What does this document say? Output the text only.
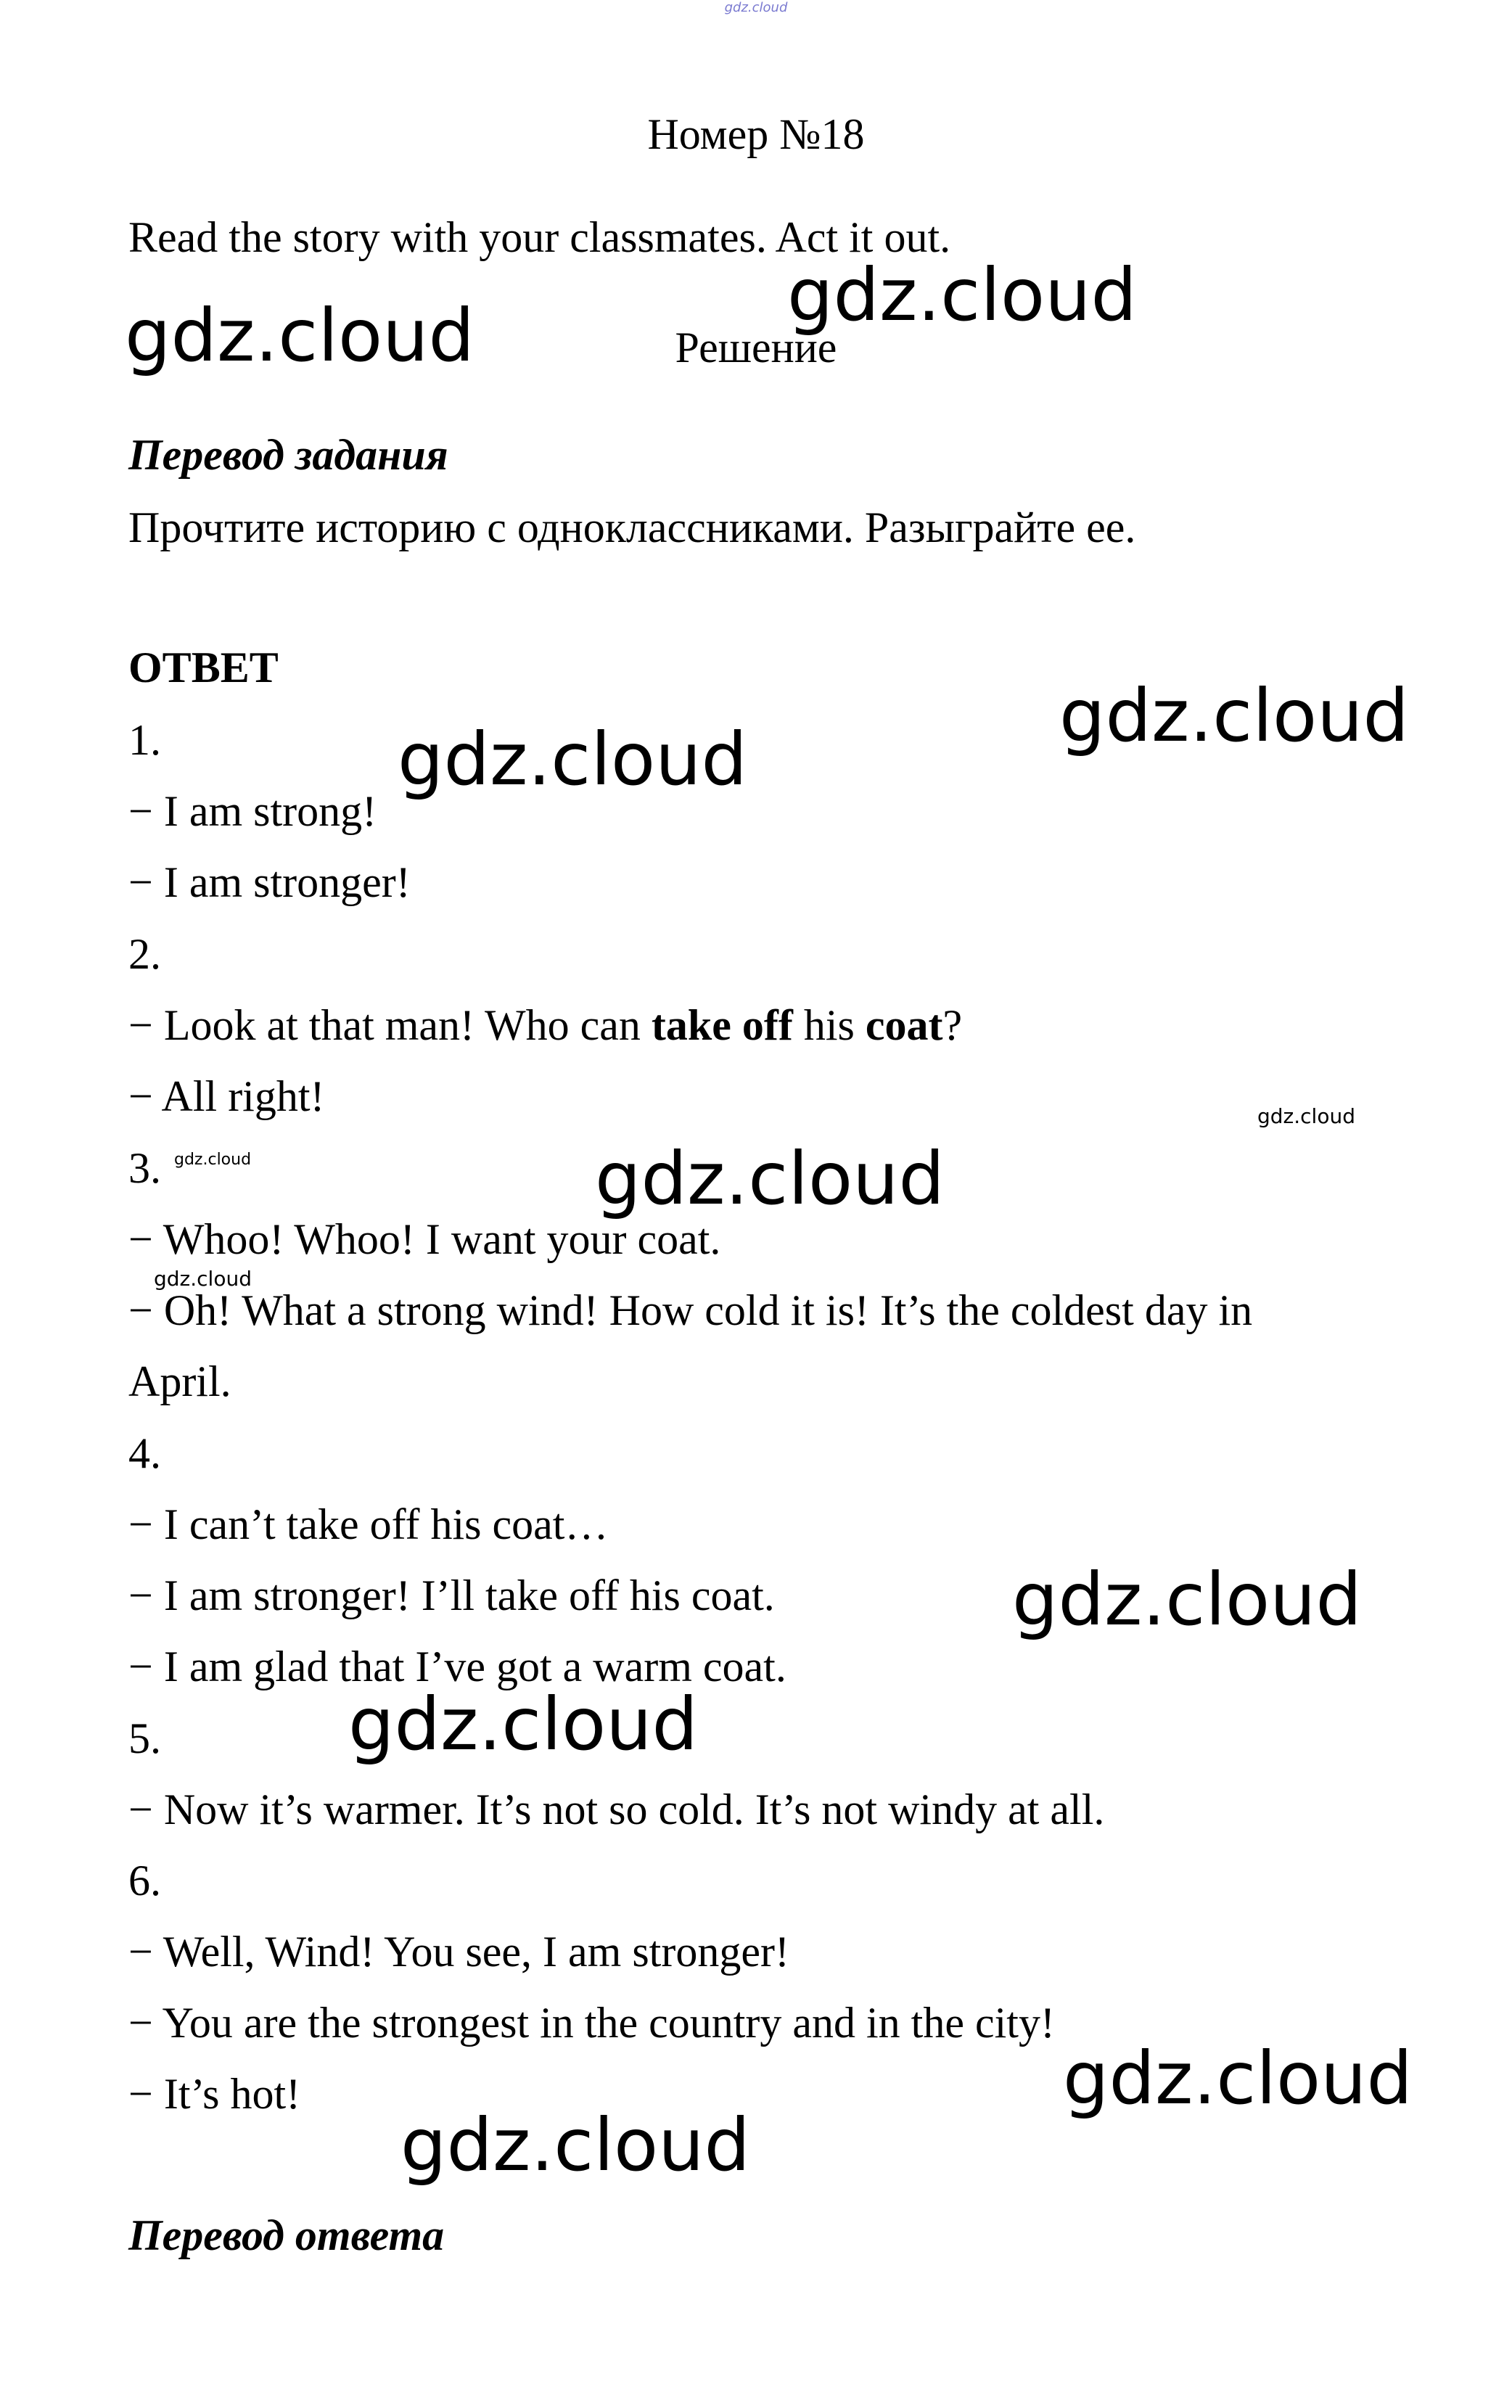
gdz.cloud

Номер №18

Read the story with your classmates. Act it out.

Решение

Перевод задания

Прочтите историю с одноклассниками. Разыграйте ее.

ОТВЕТ

1.

− I am strong!

− I am stronger!

2.

− Look at that man! Who can take off his coat?

− All right!

3.

− Whoo! Whoo! I want your coat.

− Oh! What a strong wind! How cold it is! It’s the coldest day in

April.

4.

− I can’t take off his coat…

− I am stronger! I’ll take off his coat.

− I am glad that I’ve got a warm coat.

5.

− Now it’s warmer. It’s not so cold. It’s not windy at all.

6.

− Well, Wind! You see, I am stronger!

− You are the strongest in the country and in the city!

− It’s hot!

Перевод ответа

gdz.cloud
gdz.cloud
gdz.cloud
gdz.cloud
gdz.cloud
gdz.cloud
gdz.cloud
gdz.cloud
gdz.cloud
gdz.cloud
gdz.cloud
gdz.cloud
